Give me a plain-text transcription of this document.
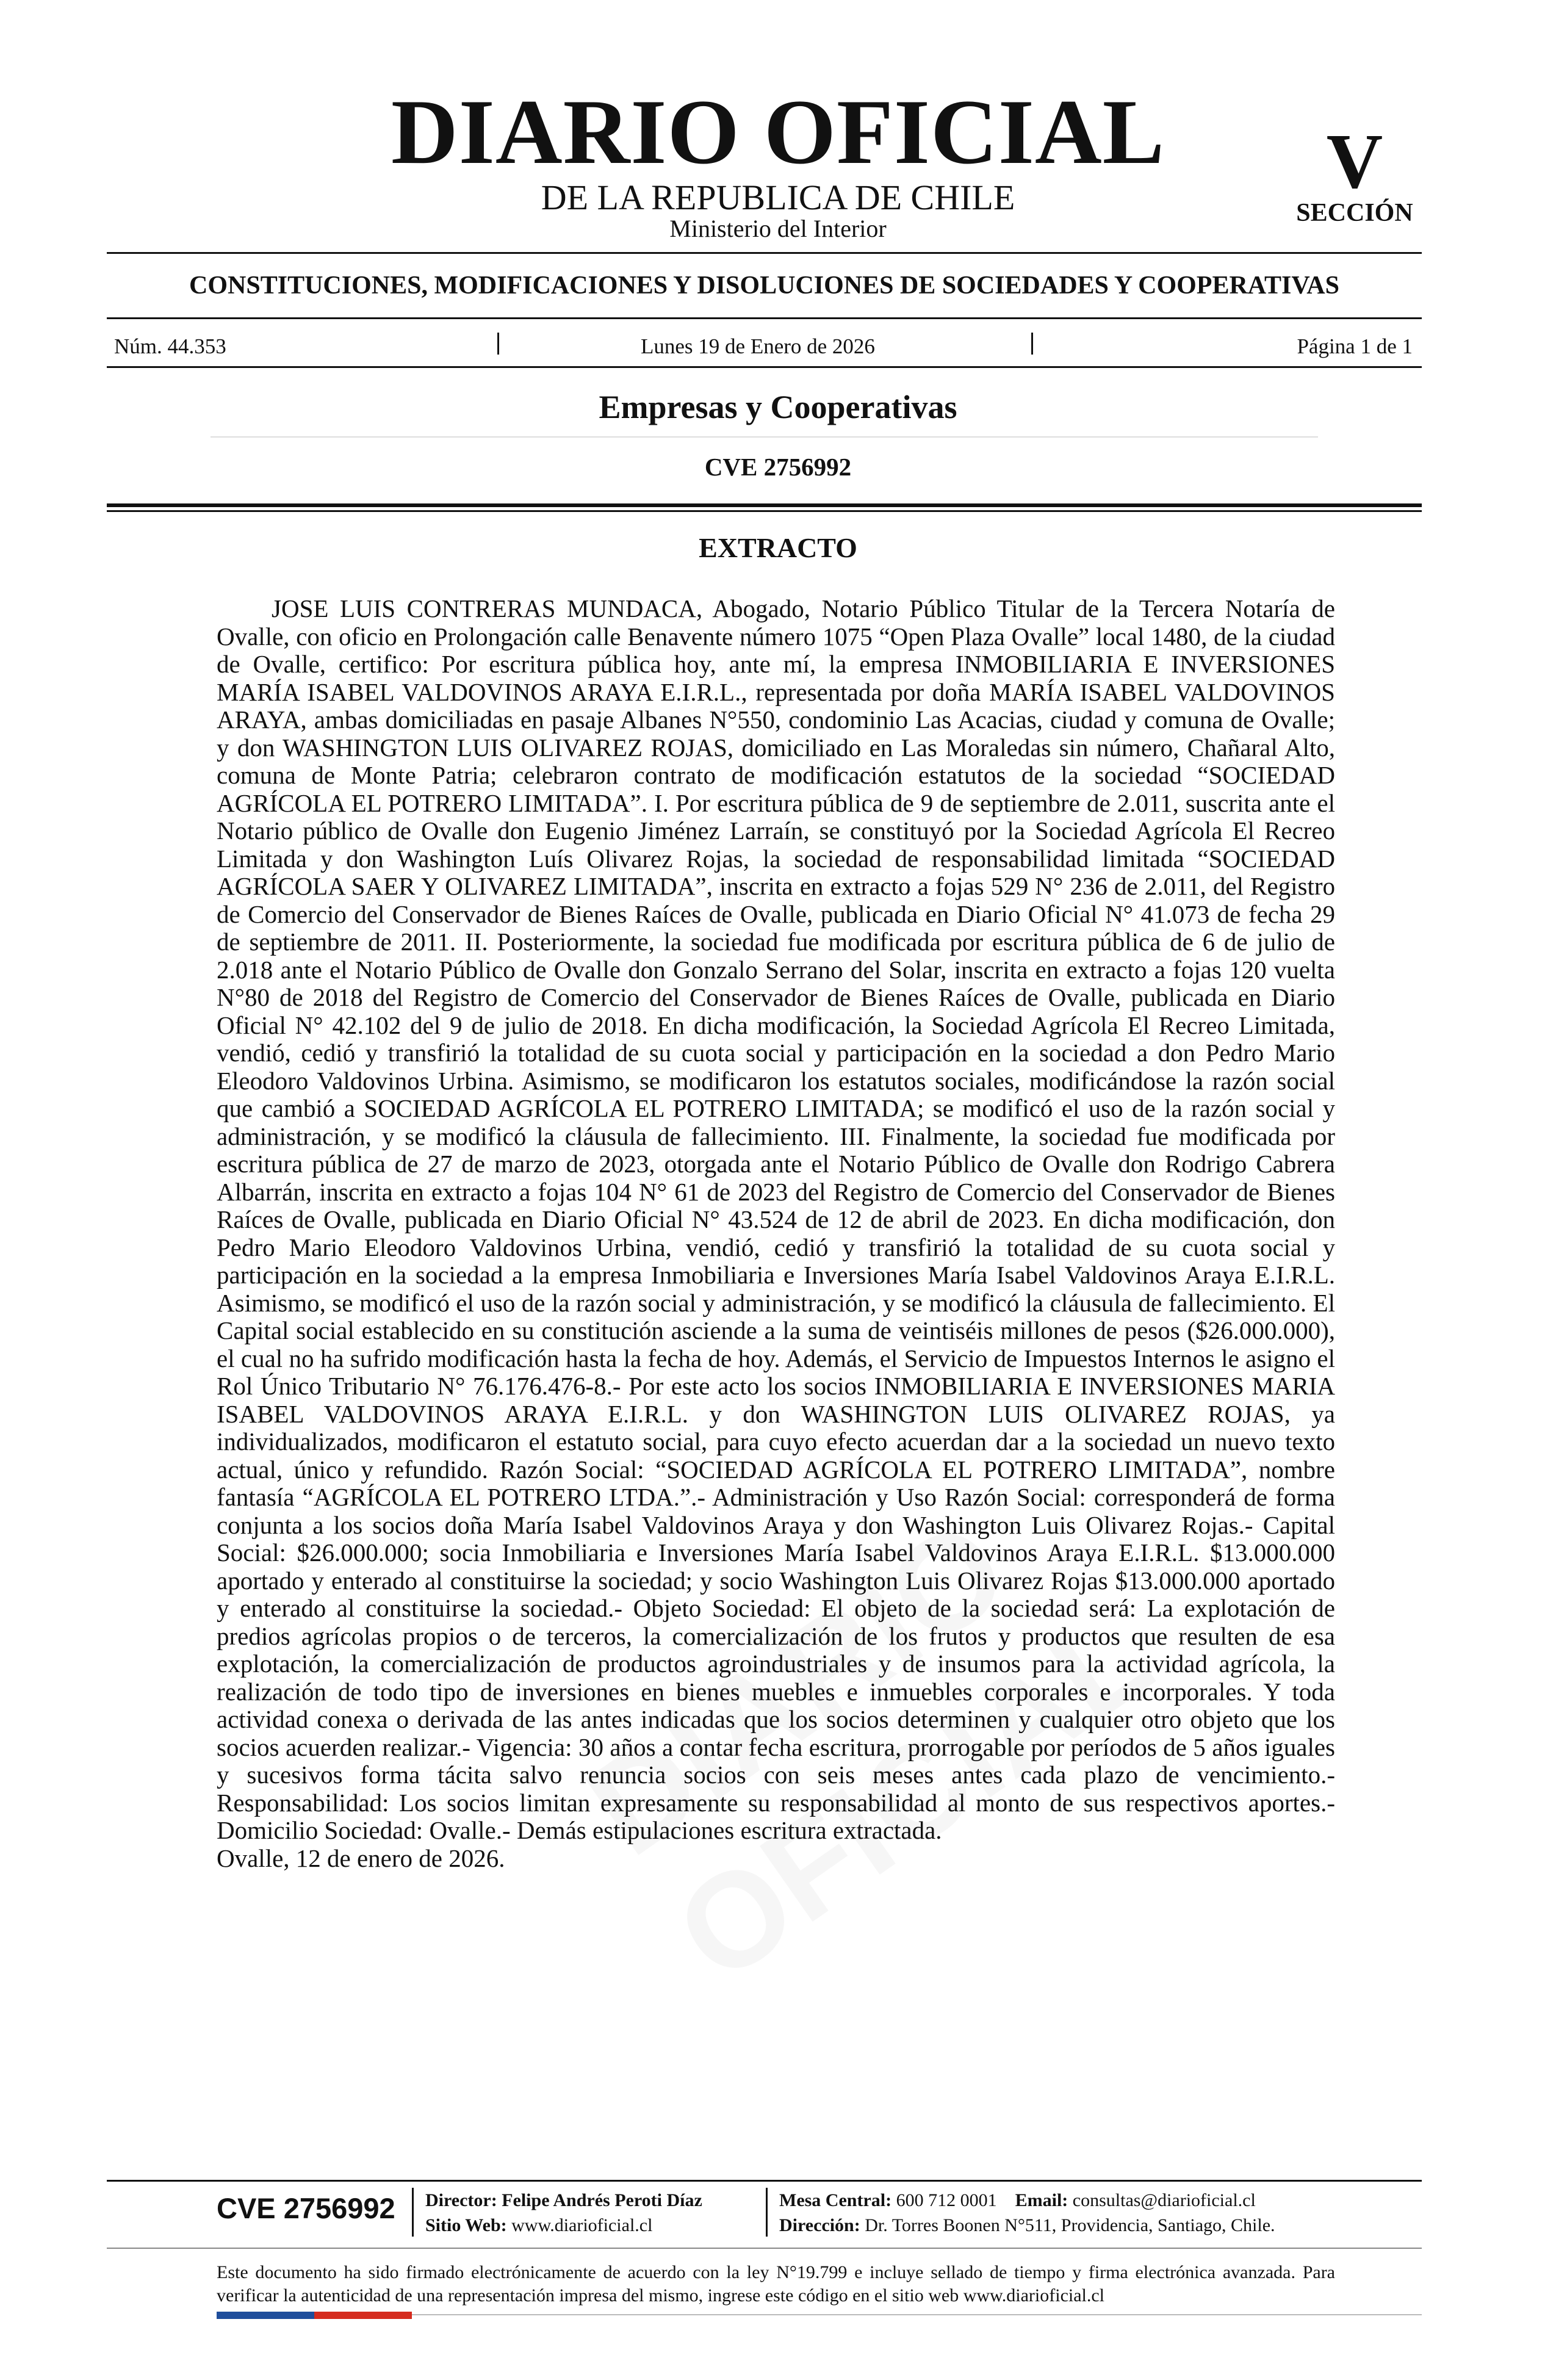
DIARIO OFICIAL
DE LA REPUBLICA DE CHILE
Ministerio del Interior
V
SECCIÓN
CONSTITUCIONES, MODIFICACIONES Y DISOLUCIONES DE SOCIEDADES Y COOPERATIVAS
Núm. 44.353	Lunes 19 de Enero de 2026	Página 1 de 1
Empresas y Cooperativas
CVE 2756992
EXTRACTO
JOSE LUIS CONTRERAS MUNDACA, Abogado, Notario Público Titular de la Tercera Notaría de Ovalle, con oficio en Prolongación calle Benavente número 1075 “Open Plaza Ovalle” local 1480, de la ciudad de Ovalle, certifico: Por escritura pública hoy, ante mí, la empresa INMOBILIARIA E INVERSIONES MARÍA ISABEL VALDOVINOS ARAYA E.I.R.L., representada por doña MARÍA ISABEL VALDOVINOS ARAYA, ambas domiciliadas en pasaje Albanes N°550, condominio Las Acacias, ciudad y comuna de Ovalle; y don WASHINGTON LUIS OLIVAREZ ROJAS, domiciliado en Las Moraledas sin número, Chañaral Alto, comuna de Monte Patria; celebraron contrato de modificación estatutos de la sociedad “SOCIEDAD AGRÍCOLA EL POTRERO LIMITADA”. I. Por escritura pública de 9 de septiembre de 2.011, suscrita ante el Notario público de Ovalle don Eugenio Jiménez Larraín, se constituyó por la Sociedad Agrícola El Recreo Limitada y don Washington Luís Olivarez Rojas, la sociedad de responsabilidad limitada “SOCIEDAD AGRÍCOLA SAER Y OLIVAREZ LIMITADA”, inscrita en extracto a fojas 529 N° 236 de 2.011, del Registro de Comercio del Conservador de Bienes Raíces de Ovalle, publicada en Diario Oficial N° 41.073 de fecha 29 de septiembre de 2011. II. Posteriormente, la sociedad fue modificada por escritura pública de 6 de julio de 2.018 ante el Notario Público de Ovalle don Gonzalo Serrano del Solar, inscrita en extracto a fojas 120 vuelta N°80 de 2018 del Registro de Comercio del Conservador de Bienes Raíces de Ovalle, publicada en Diario Oficial N° 42.102 del 9 de julio de 2018. En dicha modificación, la Sociedad Agrícola El Recreo Limitada, vendió, cedió y transfirió la totalidad de su cuota social y participación en la sociedad a don Pedro Mario Eleodoro Valdovinos Urbina. Asimismo, se modificaron los estatutos sociales, modificándose la razón social que cambió a SOCIEDAD AGRÍCOLA EL POTRERO LIMITADA; se modificó el uso de la razón social y administración, y se modificó la cláusula de fallecimiento. III. Finalmente, la sociedad fue modificada por escritura pública de 27 de marzo de 2023, otorgada ante el Notario Público de Ovalle don Rodrigo Cabrera Albarrán, inscrita en extracto a fojas 104 N° 61 de 2023 del Registro de Comercio del Conservador de Bienes Raíces de Ovalle, publicada en Diario Oficial N° 43.524 de 12 de abril de 2023. En dicha modificación, don Pedro Mario Eleodoro Valdovinos Urbina, vendió, cedió y transfirió la totalidad de su cuota social y participación en la sociedad a la empresa Inmobiliaria e Inversiones María Isabel Valdovinos Araya E.I.R.L. Asimismo, se modificó el uso de la razón social y administración, y se modificó la cláusula de fallecimiento. El Capital social establecido en su constitución asciende a la suma de veintiséis millones de pesos ($26.000.000), el cual no ha sufrido modificación hasta la fecha de hoy. Además, el Servicio de Impuestos Internos le asigno el Rol Único Tributario N° 76.176.476-8.- Por este acto los socios INMOBILIARIA E INVERSIONES MARIA ISABEL VALDOVINOS ARAYA E.I.R.L. y don WASHINGTON LUIS OLIVAREZ ROJAS, ya individualizados, modificaron el estatuto social, para cuyo efecto acuerdan dar a la sociedad un nuevo texto actual, único y refundido. Razón Social: “SOCIEDAD AGRÍCOLA EL POTRERO LIMITADA”, nombre fantasía “AGRÍCOLA EL POTRERO LTDA.”.- Administración y Uso Razón Social: corresponderá de forma conjunta a los socios doña María Isabel Valdovinos Araya y don Washington Luis Olivarez Rojas.- Capital Social: $26.000.000; socia Inmobiliaria e Inversiones María Isabel Valdovinos Araya E.I.R.L. $13.000.000 aportado y enterado al constituirse la sociedad; y socio Washington Luis Olivarez Rojas $13.000.000 aportado y enterado al constituirse la sociedad.- Objeto Sociedad: El objeto de la sociedad será: La explotación de predios agrícolas propios o de terceros, la comercialización de los frutos y productos que resulten de esa explotación, la comercialización de productos agroindustriales y de insumos para la actividad agrícola, la realización de todo tipo de inversiones en bienes muebles e inmuebles corporales e incorporales. Y toda actividad conexa o derivada de las antes indicadas que los socios determinen y cualquier otro objeto que los socios acuerden realizar.- Vigencia: 30 años a contar fecha escritura, prorrogable por períodos de 5 años iguales y sucesivos forma tácita salvo renuncia socios con seis meses antes cada plazo de vencimiento.- Responsabilidad: Los socios limitan expresamente su responsabilidad al monto de sus respectivos aportes.- Domicilio Sociedad: Ovalle.- Demás estipulaciones escritura extractada.
Ovalle, 12 de enero de 2026.
CVE 2756992 Director: Felipe Andrés Peroti Díaz
Sitio Web: www.diarioficial.cl
Mesa Central: 600 712 0001 Email: consultas@diarioficial.cl
Dirección: Dr. Torres Boonen N°511, Providencia, Santiago, Chile.
Este documento ha sido firmado electrónicamente de acuerdo con la ley N°19.799 e incluye sellado de tiempo y firma electrónica avanzada. Para verificar la autenticidad de una representación impresa del mismo, ingrese este código en el sitio web www.diarioficial.cl
